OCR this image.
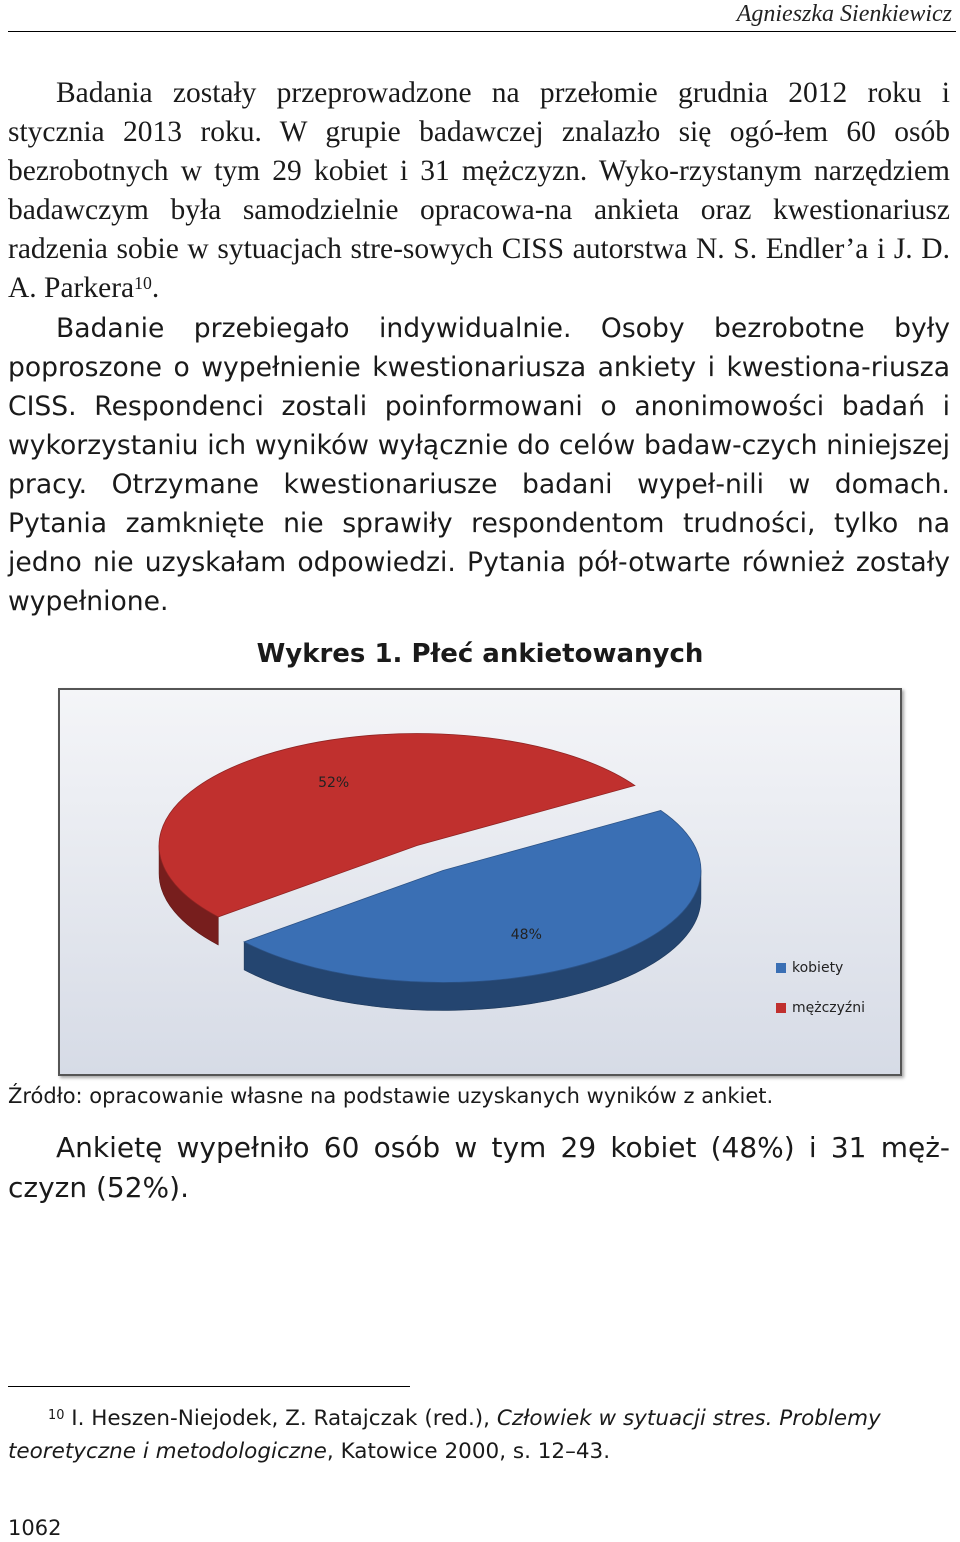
Agnieszka Sienkiewicz
Badania zostały przeprowadzone na przełomie grudnia 2012 roku i stycznia 2013 roku. W grupie badawczej znalazło się ogó-łem 60 osób bezrobotnych w tym 29 kobiet i 31 mężczyzn. Wyko-rzystanym narzędziem badawczym była samodzielnie opracowa-na ankieta oraz kwestionariusz radzenia sobie w sytuacjach stre-sowych CISS autorstwa N. S. Endler’a i J. D. A. Parkera$^{10}$.
Badanie przebiegało indywidualnie. Osoby bezrobotne były poproszone o wypełnienie kwestionariusza ankiety i kwestiona-riusza CISS. Respondenci zostali poinformowani o anonimowości badań i wykorzystaniu ich wyników wyłącznie do celów badaw-czych niniejszej pracy. Otrzymane kwestionariusze badani wypeł-nili w domach. Pytania zamknięte nie sprawiły respondentom trudności, tylko na jedno nie uzyskałam odpowiedzi. Pytania pół-otwarte również zostały wypełnione.
Wykres 1. Płeć ankietowanych
48%
52%
kobiety
mężczyźni
Źródło: opracowanie własne na podstawie uzyskanych wyników z ankiet.
Ankietę wypełniło 60 osób w tym 29 kobiet (48%) i 31 męż-czyzn (52%).
$^{10}$ I. Heszen-Niejodek, Z. Ratajczak (red.), Człowiek w sytuacji stres. Problemy teoretyczne i metodologiczne, Katowice 2000, s. 12–43.
1062
